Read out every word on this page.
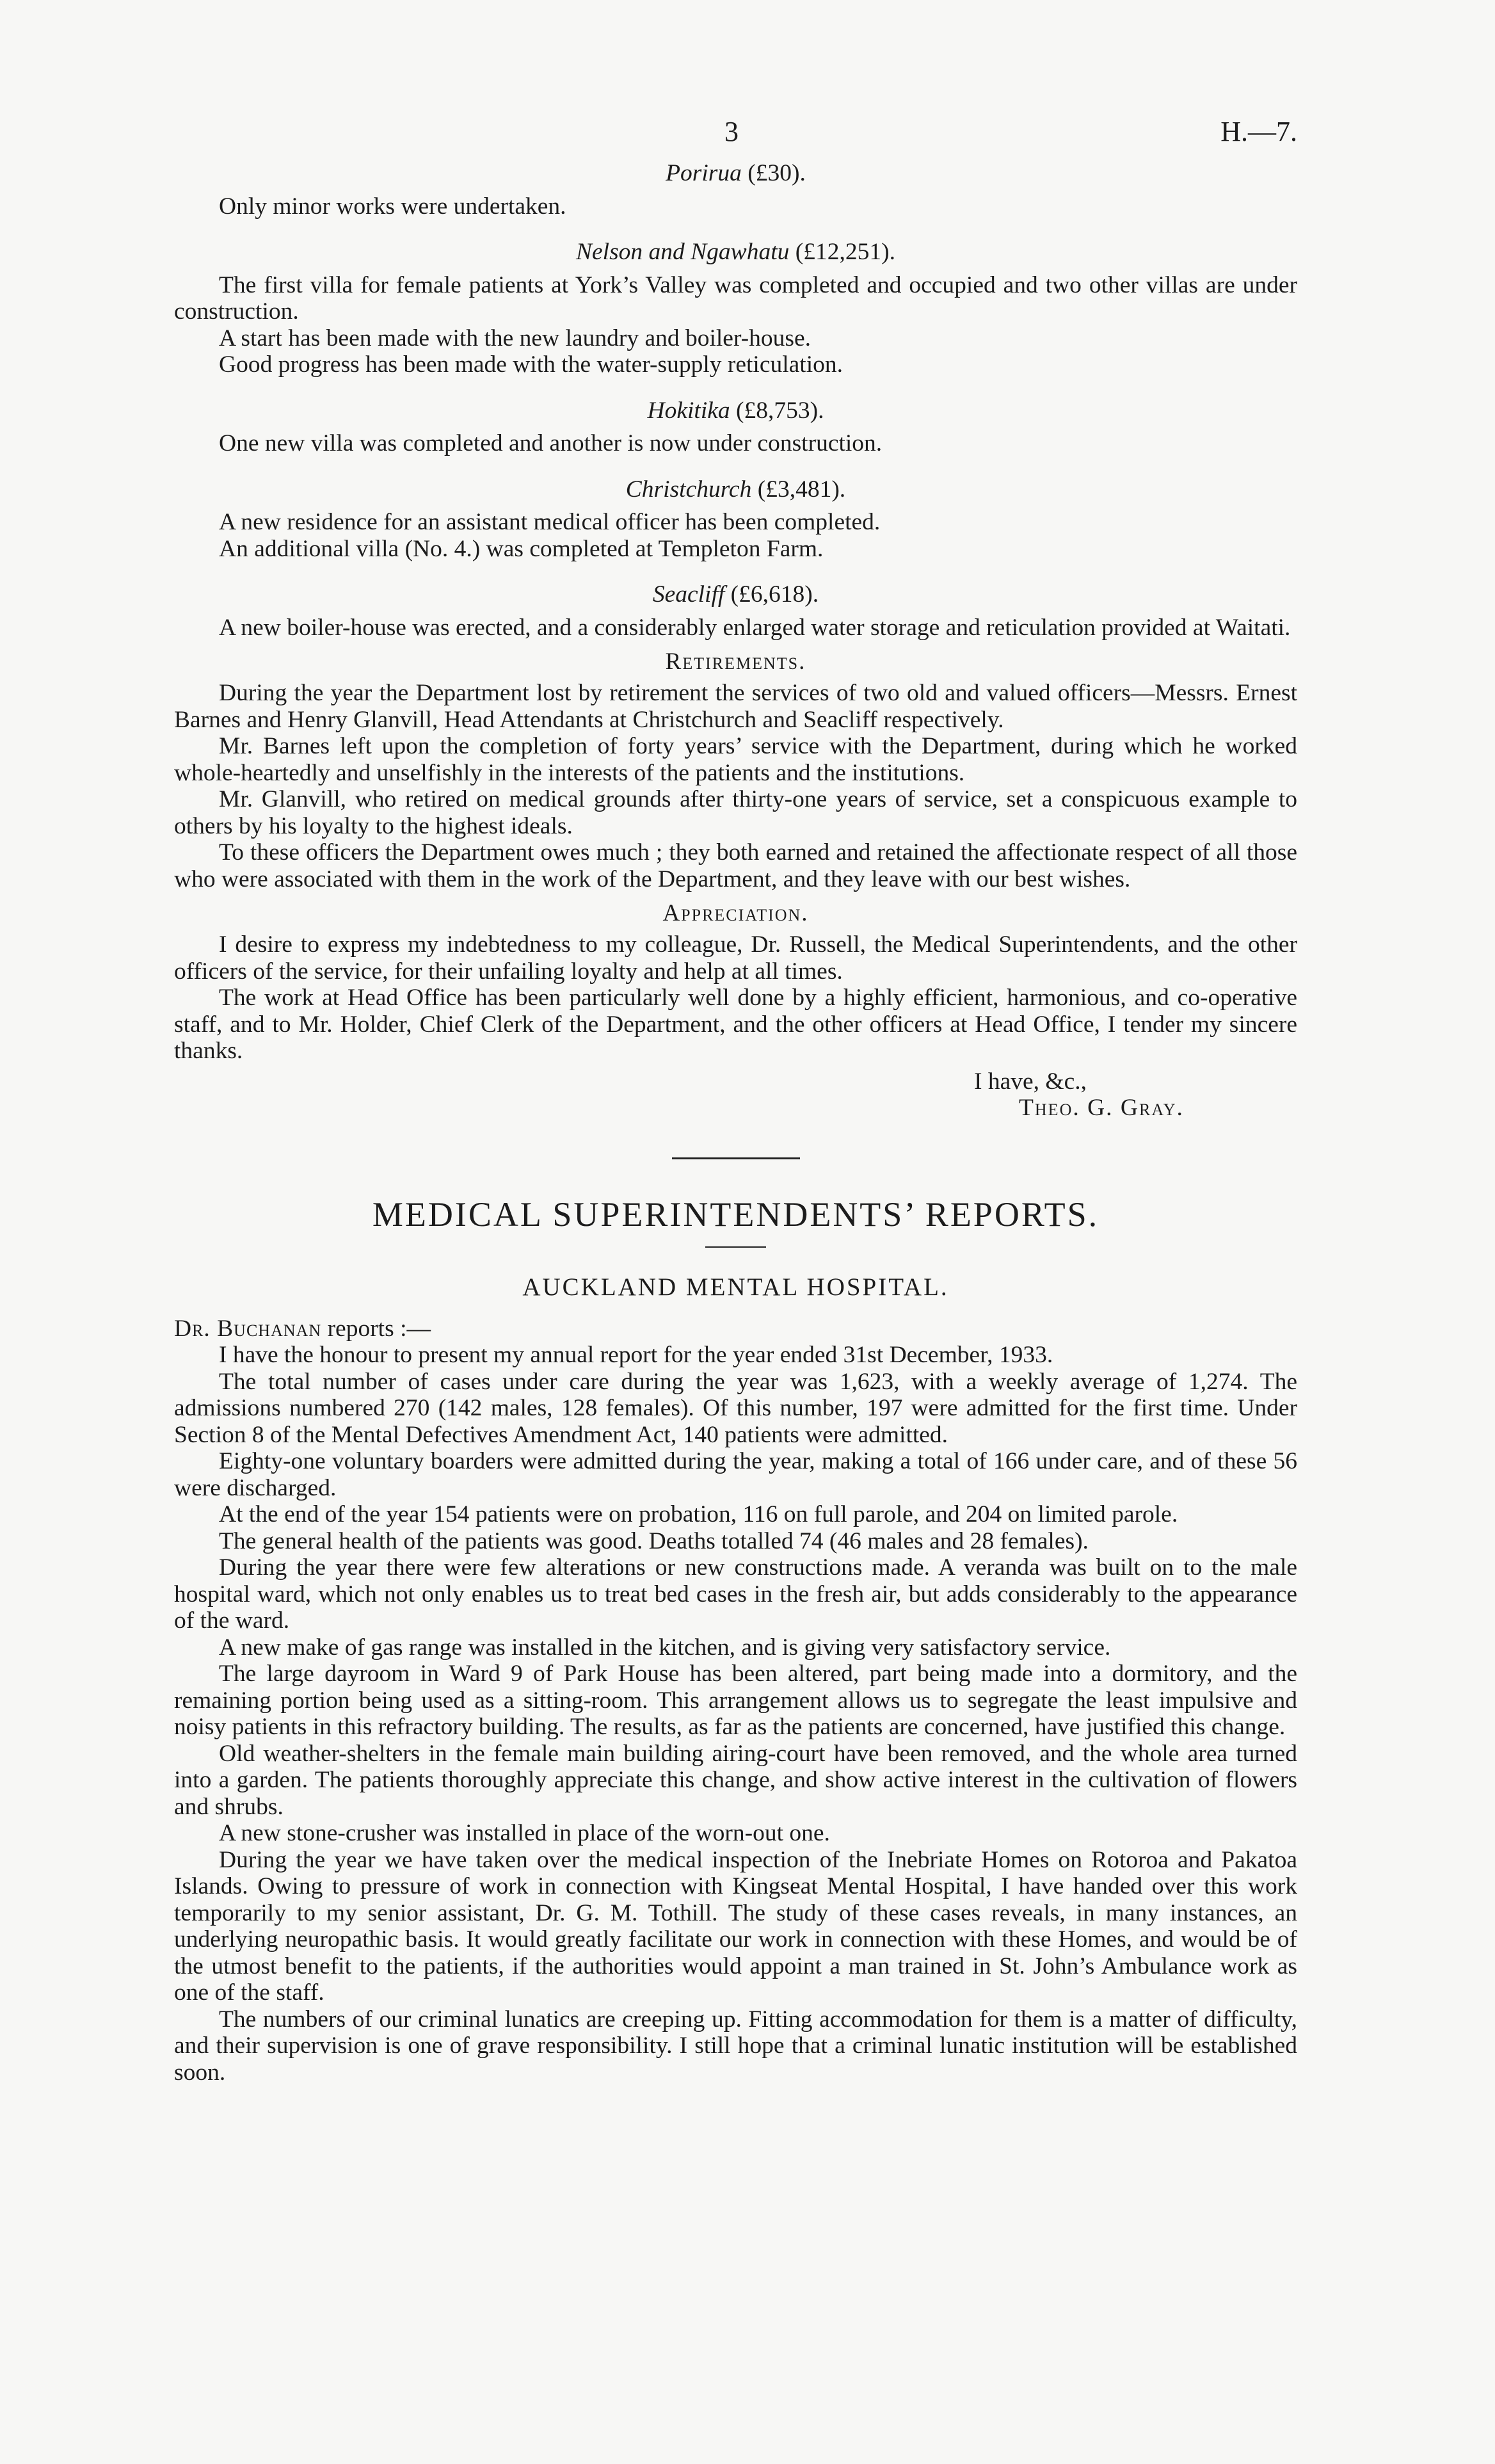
3	H.—7.
Porirua (£30).

Only minor works were undertaken.

Nelson and Ngawhatu (£12,251).

The first villa for female patients at York’s Valley was completed and occupied and two other villas are under construction.

A start has been made with the new laundry and boiler-house.

Good progress has been made with the water-supply reticulation.

Hokitika (£8,753).

One new villa was completed and another is now under construction.

Christchurch (£3,481).

A new residence for an assistant medical officer has been completed.

An additional villa (No. 4.) was completed at Templeton Farm.

Seacliff (£6,618).

A new boiler-house was erected, and a considerably enlarged water storage and reticulation provided at Waitati.

Retirements.

During the year the Department lost by retirement the services of two old and valued officers—Messrs. Ernest Barnes and Henry Glanvill, Head Attendants at Christchurch and Seacliff respectively.

Mr. Barnes left upon the completion of forty years’ service with the Department, during which he worked whole-heartedly and unselfishly in the interests of the patients and the institutions.

Mr. Glanvill, who retired on medical grounds after thirty-one years of service, set a conspicuous example to others by his loyalty to the highest ideals.

To these officers the Department owes much ; they both earned and retained the affectionate respect of all those who were associated with them in the work of the Department, and they leave with our best wishes.

Appreciation.

I desire to express my indebtedness to my colleague, Dr. Russell, the Medical Superintendents, and the other officers of the service, for their unfailing loyalty and help at all times.

The work at Head Office has been particularly well done by a highly efficient, harmonious, and co-operative staff, and to Mr. Holder, Chief Clerk of the Department, and the other officers at Head Office, I tender my sincere thanks.

I have, &c.,
Theo. G. Gray.
MEDICAL SUPERINTENDENTS’ REPORTS.
AUCKLAND MENTAL HOSPITAL.

Dr. Buchanan reports :—

I have the honour to present my annual report for the year ended 31st December, 1933.

The total number of cases under care during the year was 1,623, with a weekly average of 1,274. The admissions numbered 270 (142 males, 128 females). Of this number, 197 were admitted for the first time. Under Section 8 of the Mental Defectives Amendment Act, 140 patients were admitted.

Eighty-one voluntary boarders were admitted during the year, making a total of 166 under care, and of these 56 were discharged.

At the end of the year 154 patients were on probation, 116 on full parole, and 204 on limited parole.

The general health of the patients was good. Deaths totalled 74 (46 males and 28 females).

During the year there were few alterations or new constructions made. A veranda was built on to the male hospital ward, which not only enables us to treat bed cases in the fresh air, but adds considerably to the appearance of the ward.

A new make of gas range was installed in the kitchen, and is giving very satisfactory service.

The large dayroom in Ward 9 of Park House has been altered, part being made into a dormitory, and the remaining portion being used as a sitting-room. This arrangement allows us to segregate the least impulsive and noisy patients in this refractory building. The results, as far as the patients are concerned, have justified this change.

Old weather-shelters in the female main building airing-court have been removed, and the whole area turned into a garden. The patients thoroughly appreciate this change, and show active interest in the cultivation of flowers and shrubs.

A new stone-crusher was installed in place of the worn-out one.

During the year we have taken over the medical inspection of the Inebriate Homes on Rotoroa and Pakatoa Islands. Owing to pressure of work in connection with Kingseat Mental Hospital, I have handed over this work temporarily to my senior assistant, Dr. G. M. Tothill. The study of these cases reveals, in many instances, an underlying neuropathic basis. It would greatly facilitate our work in connection with these Homes, and would be of the utmost benefit to the patients, if the authorities would appoint a man trained in St. John’s Ambulance work as one of the staff.

The numbers of our criminal lunatics are creeping up. Fitting accommodation for them is a matter of difficulty, and their supervision is one of grave responsibility. I still hope that a criminal lunatic institution will be established soon.
